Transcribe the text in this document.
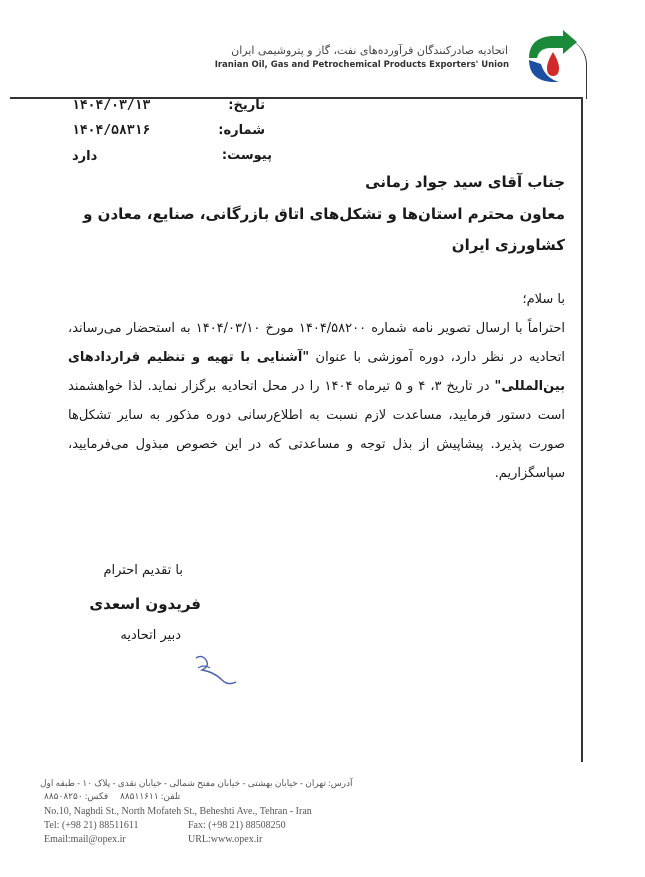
اتحادیه صادرکنندگان فرآورده‌های نفت، گاز و پتروشیمی ایران
Iranian Oil, Gas and Petrochemical Products Exporters' Union
تاریخ:
۱۴۰۴/۰۳/۱۳
شماره:
۱۴۰۴/۵۸۳۱۶
پیوست:
دارد
جناب آقای سید جواد زمانی
معاون محترم استان‌ها و تشکل‌های اتاق بازرگانی، صنایع، معادن و
کشاورزی ایران
با سلام؛
احتراماً با ارسال تصویر نامه شماره ۱۴۰۴/۵۸۲۰۰ مورخ ۱۴۰۴/۰۳/۱۰ به استحضار می‌رساند، اتحادیه در نظر دارد، دوره آموزشی با عنوان "آشنایی با تهیه و تنظیم قراردادهای بین‌المللی" در تاریخ ۳، ۴ و ۵ تیرماه ۱۴۰۴ را در محل اتحادیه برگزار نماید. لذا خواهشمند است دستور فرمایید، مساعدت لازم نسبت به اطلاع‌رسانی دوره مذکور به سایر تشکل‌ها صورت پذیرد. پیشاپیش از بذل توجه و مساعدتی که در این خصوص مبذول می‌فرمایید، سپاسگزاریم.
با تقدیم احترام
فریدون اسعدی
دبیر اتحادیه
آدرس: تهران - خیابان بهشتی - خیابان مفتح شمالی - خیابان نقدی - پلاک ۱۰ - طبقه اول
تلفن: ۸۸۵۱۱۶۱۱
فکس: ۸۸۵۰۸۲۵۰
No.10, Naghdi St., North Mofateh St., Beheshti Ave., Tehran - Iran
Tel: (+98 21) 88511611	Fax: (+98 21) 88508250
Email:mail@opex.ir	URL:www.opex.ir
